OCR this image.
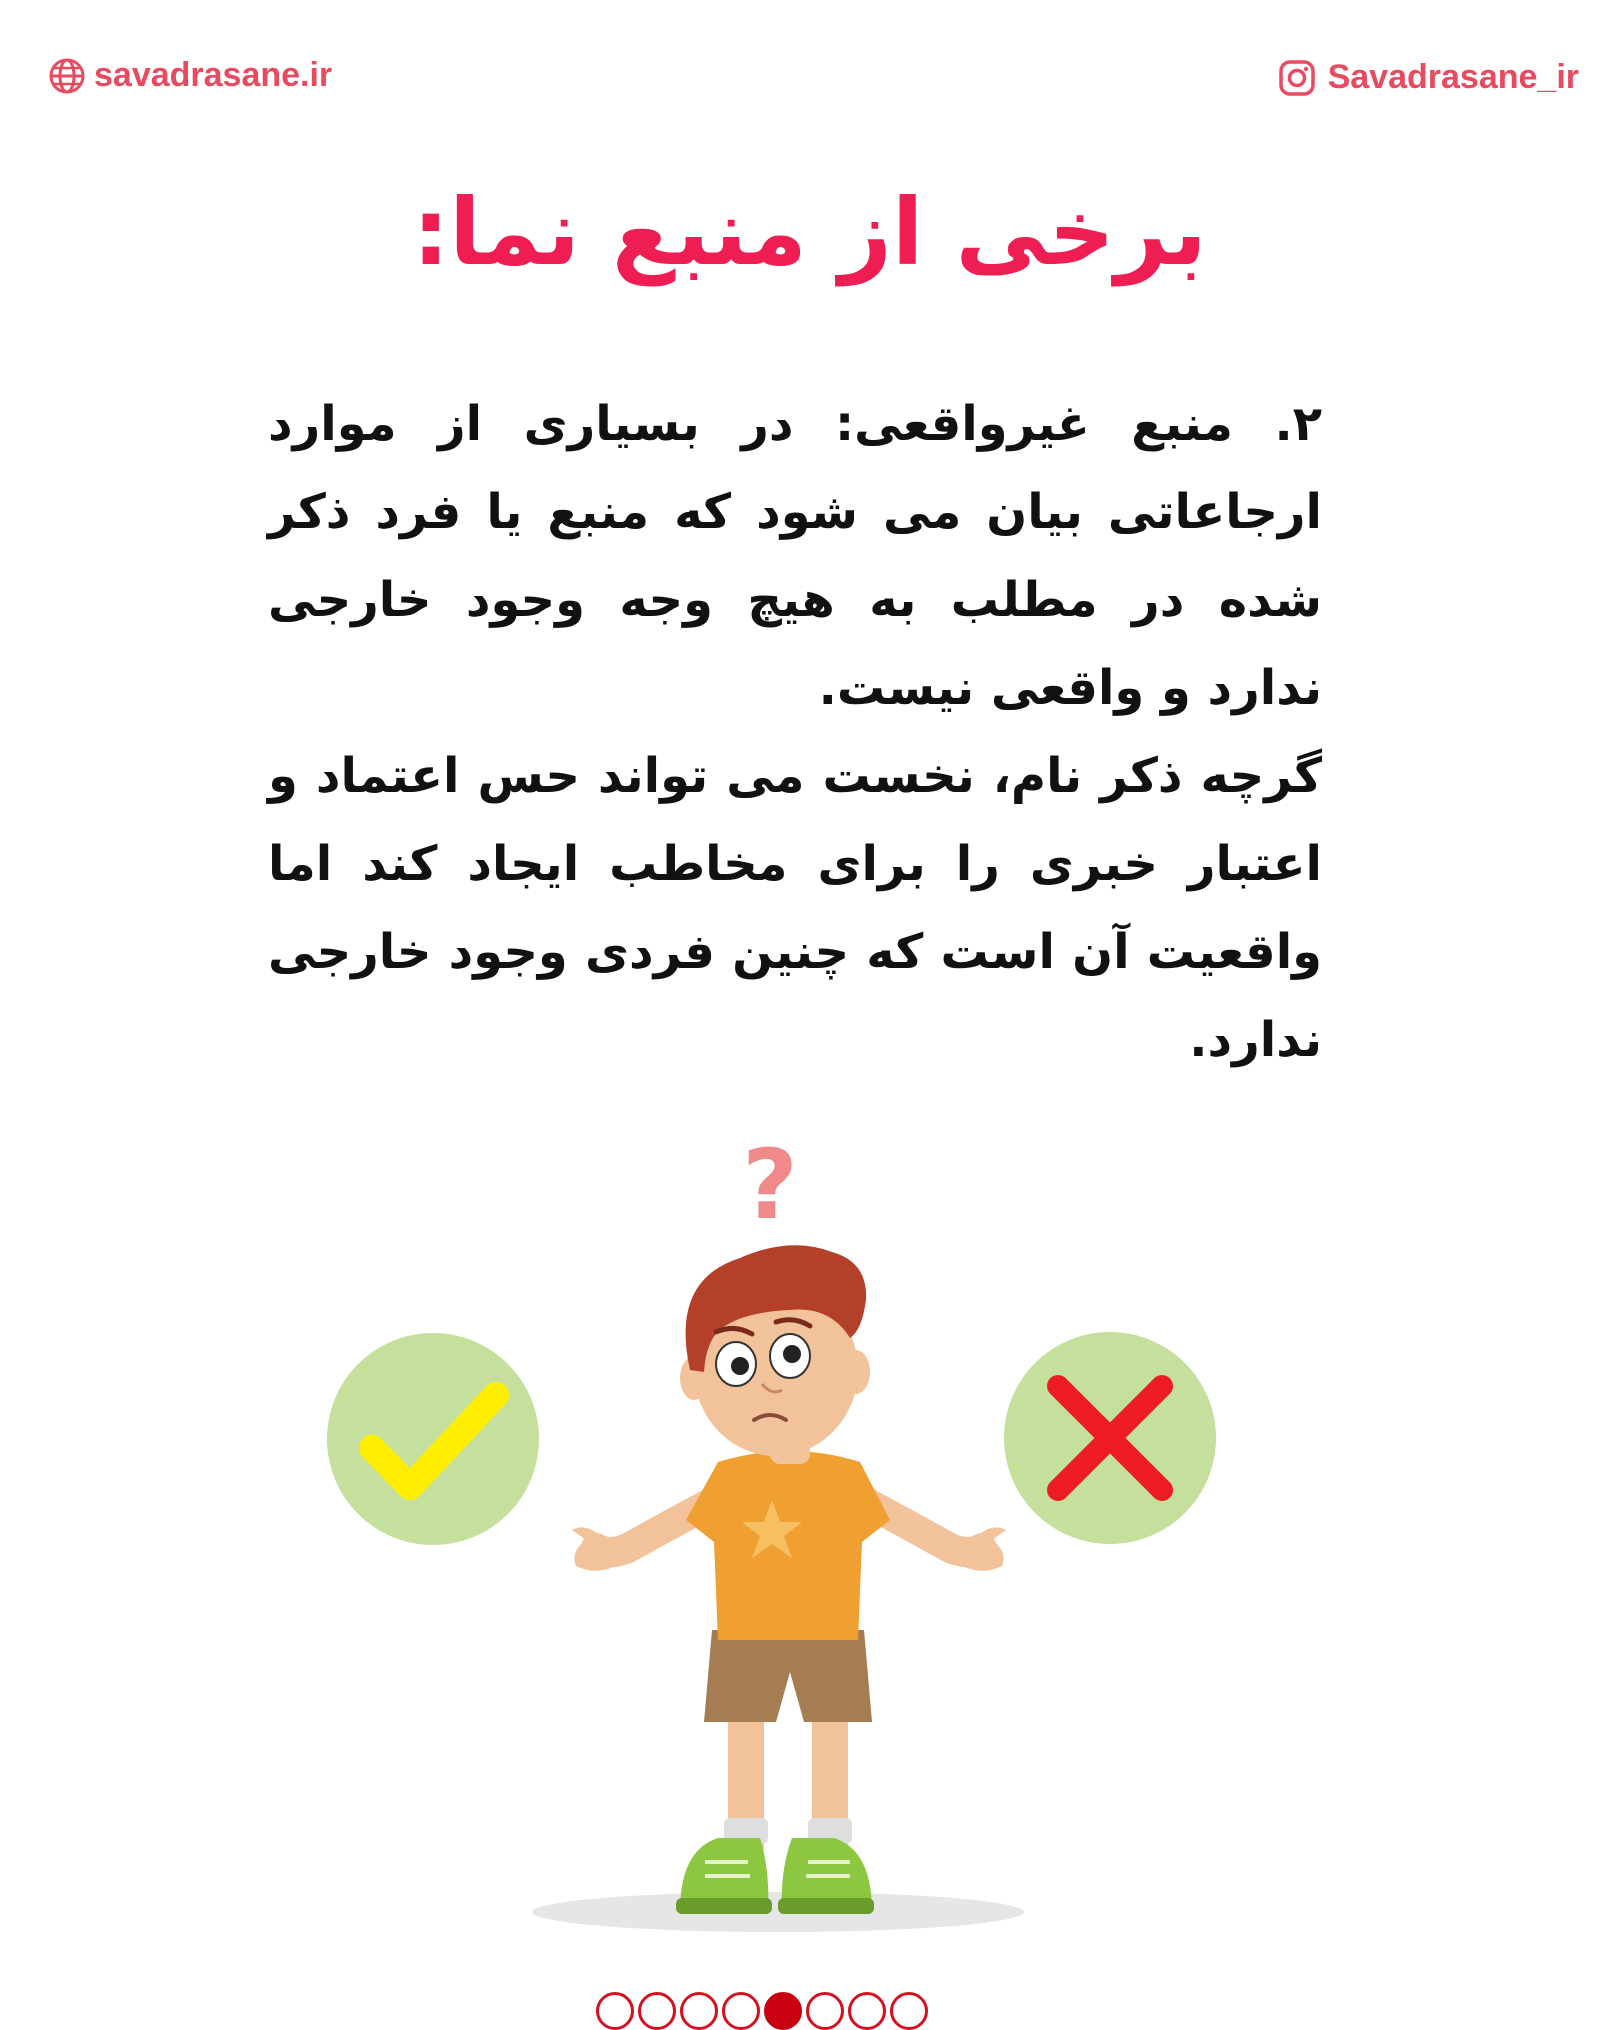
savadrasane.ir	Savadrasane_ir
برخی از منبع نما:

۲. منبع غیرواقعی: در بسیاری از موارد ارجاعاتی بیان می شود که منبع یا فرد ذکر شده در مطلب به هیچ وجه وجود خارجی ندارد و واقعی نیست.

گرچه ذکر نام، نخست می تواند حس اعتماد و اعتبار خبری را برای مخاطب ایجاد کند اما واقعیت آن است که چنین فردی وجود خارجی ندارد.

?
